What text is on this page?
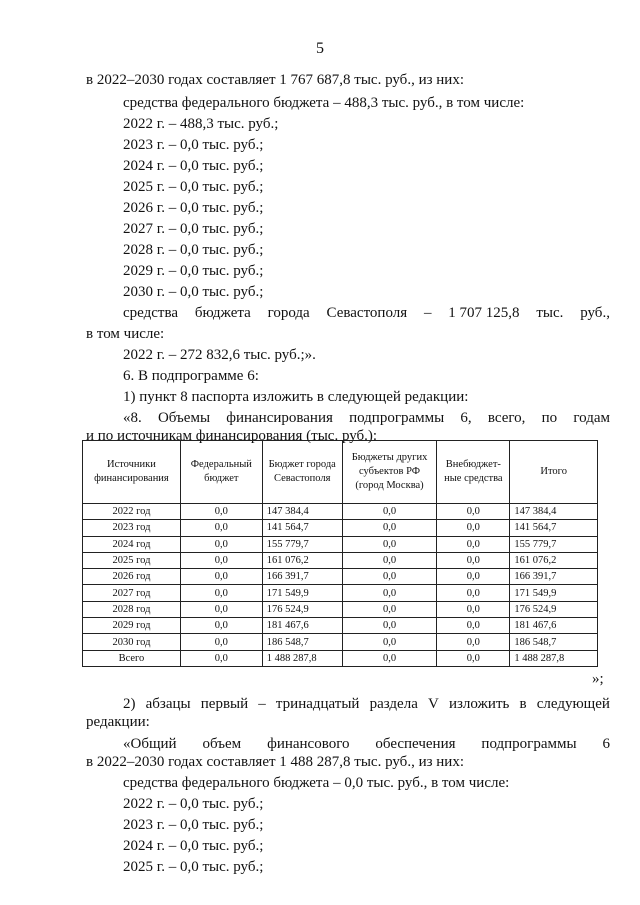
5
в 2022–2030 годах составляет 1 767 687,8 тыс. руб., из них:
средства федерального бюджета – 488,3 тыс. руб., в том числе:
2022 г. – 488,3 тыс. руб.;
2023 г. – 0,0 тыс. руб.;
2024 г. – 0,0 тыс. руб.;
2025 г. – 0,0 тыс. руб.;
2026 г. – 0,0 тыс. руб.;
2027 г. – 0,0 тыс. руб.;
2028 г. – 0,0 тыс. руб.;
2029 г. – 0,0 тыс. руб.;
2030 г. – 0,0 тыс. руб.;
средства бюджета города Севастополя – 1 707 125,8 тыс. руб.,
в том числе:
2022 г. – 272 832,6 тыс. руб.;».
6. В подпрограмме 6:
1) пункт 8 паспорта изложить в следующей редакции:
«8. Объемы финансирования подпрограммы 6, всего, по годам
и по источникам финансирования (тыс. руб.):
Источники финансирования	Федеральный бюджет	Бюджет города Севастополя	Бюджеты других субъектов РФ (город Москва)	Внебюджет-ные средства	Итого
2022 год	0,0	147 384,4	0,0	0,0	147 384,4
2023 год	0,0	141 564,7	0,0	0,0	141 564,7
2024 год	0,0	155 779,7	0,0	0,0	155 779,7
2025 год	0,0	161 076,2	0,0	0,0	161 076,2
2026 год	0,0	166 391,7	0,0	0,0	166 391,7
2027 год	0,0	171 549,9	0,0	0,0	171 549,9
2028 год	0,0	176 524,9	0,0	0,0	176 524,9
2029 год	0,0	181 467,6	0,0	0,0	181 467,6
2030 год	0,0	186 548,7	0,0	0,0	186 548,7
Всего	0,0	1 488 287,8	0,0	0,0	1 488 287,8
»;
2) абзацы первый – тринадцатый раздела V изложить в следующей
редакции:
«Общий объем финансового обеспечения подпрограммы 6
в 2022–2030 годах составляет 1 488 287,8 тыс. руб., из них:
средства федерального бюджета – 0,0 тыс. руб., в том числе:
2022 г. – 0,0 тыс. руб.;
2023 г. – 0,0 тыс. руб.;
2024 г. – 0,0 тыс. руб.;
2025 г. – 0,0 тыс. руб.;
